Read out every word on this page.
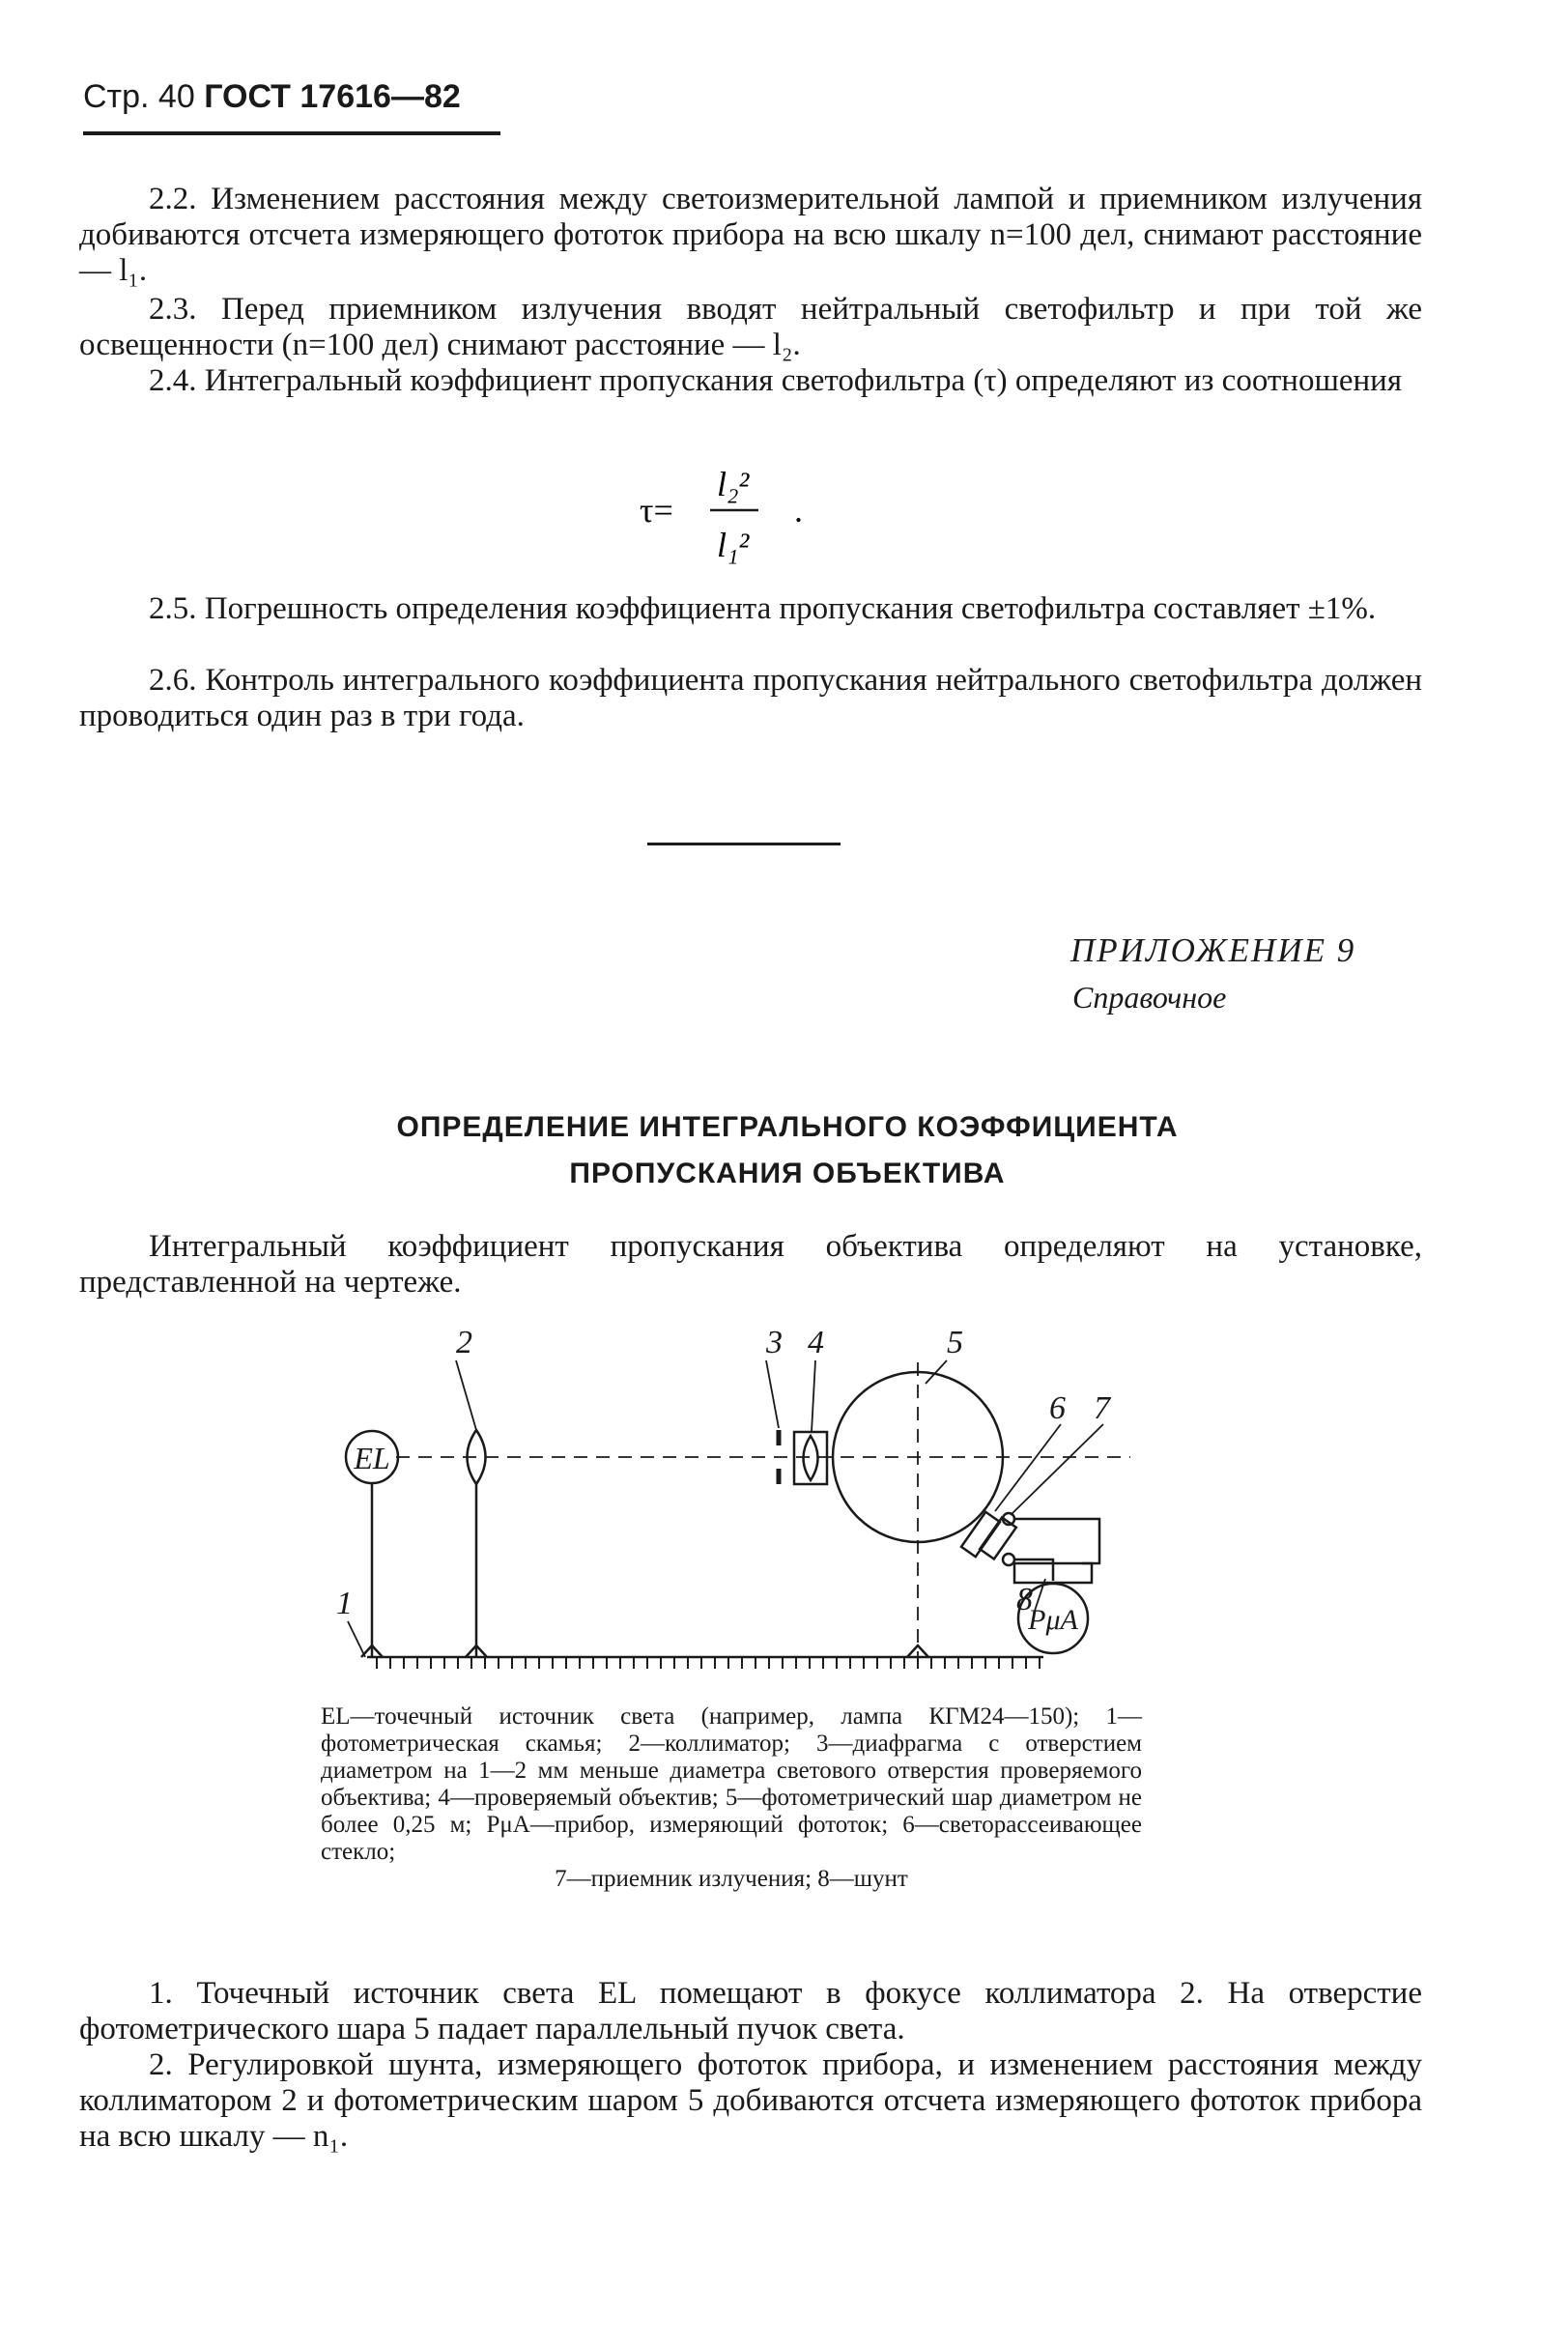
Стр. 40 ГОСТ 17616—82

2.2. Изменением расстояния между светоизмерительной лампой и приемником излучения добиваются отсчета измеряющего фототок прибора на всю шкалу n=100 дел, снимают расстояние — l₁.

2.3. Перед приемником излучения вводят нейтральный светофильтр и при той же освещенности (n=100 дел) снимают расстояние — l₂.

2.4. Интегральный коэффициент пропускания светофильтра (τ) определяют из соотношения

τ=
l₂²
l₁²
.

2.5. Погрешность определения коэффициента пропускания светофильтра составляет ±1%.

2.6. Контроль интегрального коэффициента пропускания нейтрального светофильтра должен проводиться один раз в три года.

ПРИЛОЖЕНИЕ 9
Справочное
ОПРЕДЕЛЕНИЕ ИНТЕГРАЛЬНОГО КОЭФФИЦИЕНТА
ПРОПУСКАНИЯ ОБЪЕКТИВА

Интегральный коэффициент пропускания объектива определяют на установке, представленной на чертеже.

EL
PμA
1
2	3 4	5
6 7
8
EL—точечный источник света (например, лампа КГМ24—150); 1—фотометрическая скамья; 2—коллиматор; 3—диафрагма с отверстием диаметром на 1—2 мм меньше диаметра светового отверстия проверяемого объектива; 4—проверяемый объектив; 5—фотометрический шар диаметром не более 0,25 м; PμA—прибор, измеряющий фототок; 6—светорассеивающее стекло;
7—приемник излучения; 8—шунт

1. Точечный источник света EL помещают в фокусе коллиматора 2. На отверстие фотометрического шара 5 падает параллельный пучок света.

2. Регулировкой шунта, измеряющего фототок прибора, и изменением расстояния между коллиматором 2 и фотометрическим шаром 5 добиваются отсчета измеряющего фототок прибора на всю шкалу — n₁.
